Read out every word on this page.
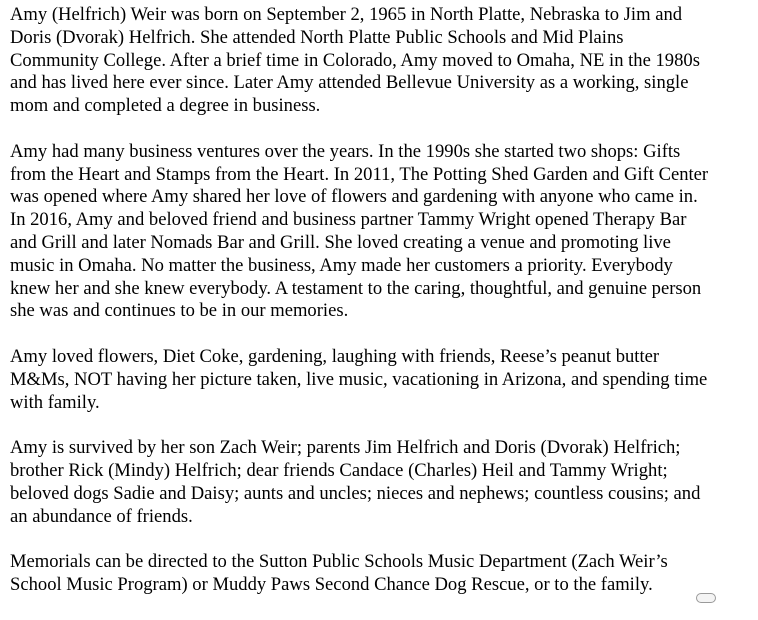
Amy (Helfrich) Weir was born on September 2, 1965 in North Platte, Nebraska to Jim and
Doris (Dvorak) Helfrich. She attended North Platte Public Schools and Mid Plains
Community College. After a brief time in Colorado, Amy moved to Omaha, NE in the 1980s
and has lived here ever since. Later Amy attended Bellevue University as a working, single
mom and completed a degree in business.

Amy had many business ventures over the years. In the 1990s she started two shops: Gifts
from the Heart and Stamps from the Heart. In 2011, The Potting Shed Garden and Gift Center
was opened where Amy shared her love of flowers and gardening with anyone who came in.
In 2016, Amy and beloved friend and business partner Tammy Wright opened Therapy Bar
and Grill and later Nomads Bar and Grill. She loved creating a venue and promoting live
music in Omaha. No matter the business, Amy made her customers a priority. Everybody
knew her and she knew everybody. A testament to the caring, thoughtful, and genuine person
she was and continues to be in our memories.

Amy loved flowers, Diet Coke, gardening, laughing with friends, Reese’s peanut butter
M&Ms, NOT having her picture taken, live music, vacationing in Arizona, and spending time
with family.

Amy is survived by her son Zach Weir; parents Jim Helfrich and Doris (Dvorak) Helfrich;
brother Rick (Mindy) Helfrich; dear friends Candace (Charles) Heil and Tammy Wright;
beloved dogs Sadie and Daisy; aunts and uncles; nieces and nephews; countless cousins; and
an abundance of friends.

Memorials can be directed to the Sutton Public Schools Music Department (Zach Weir’s
School Music Program) or Muddy Paws Second Chance Dog Rescue, or to the family.
